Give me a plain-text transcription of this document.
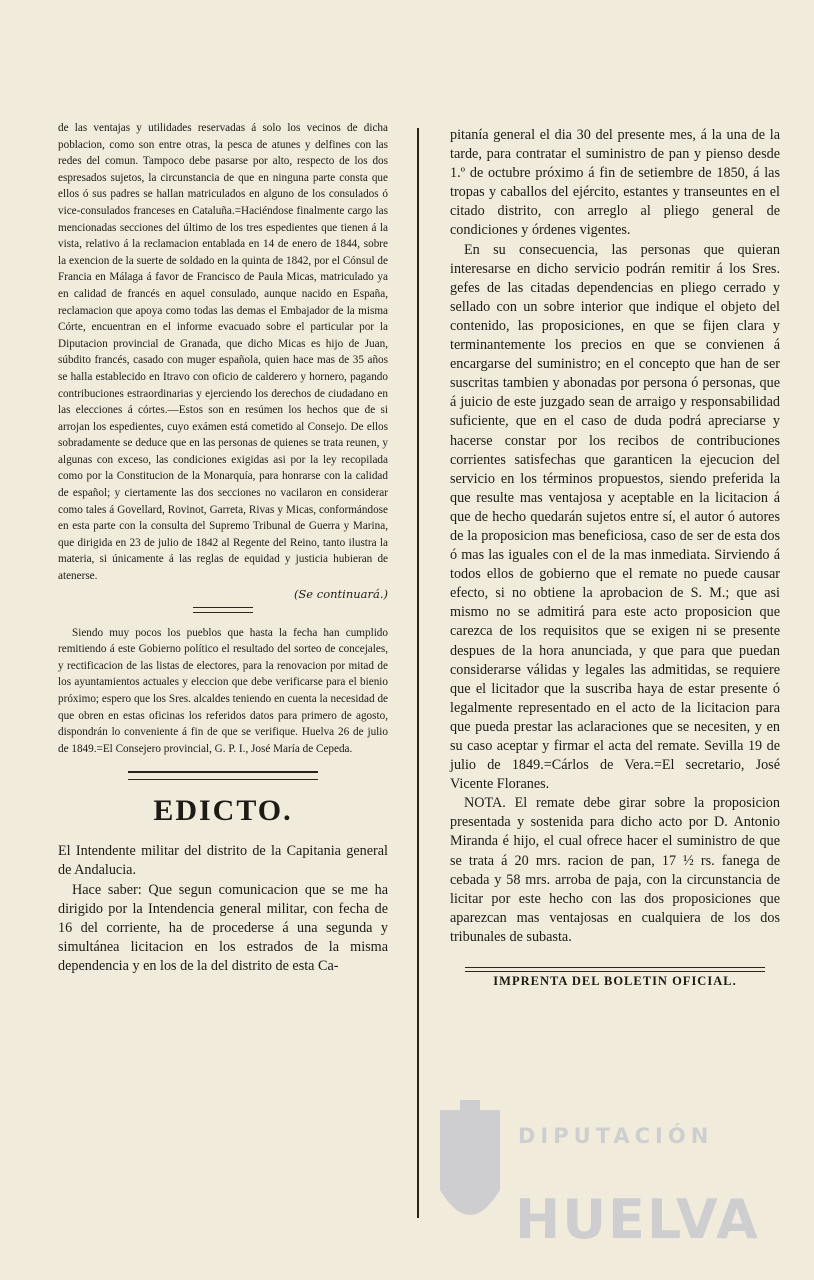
de las ventajas y utilidades reservadas á solo los vecinos de dicha poblacion, como son entre otras, la pesca de atunes y delfines con las redes del comun. Tampoco debe pasarse por alto, respecto de los dos espresados sujetos, la circunstancia de que en ninguna parte consta que ellos ó sus padres se hallan matriculados en alguno de los consulados ó vice-consulados franceses en Cataluña.=Haciéndose finalmente cargo las mencionadas secciones del último de los tres espedientes que tienen á la vista, relativo á la reclamacion entablada en 14 de enero de 1844, sobre la exencion de la suerte de soldado en la quinta de 1842, por el Cónsul de Francia en Málaga á favor de Francisco de Paula Micas, matriculado ya en calidad de francés en aquel consulado, aunque nacido en España, reclamacion que apoya como todas las demas el Embajador de la misma Córte, encuentran en el informe evacuado sobre el particular por la Diputacion provincial de Granada, que dicho Micas es hijo de Juan, súbdito francés, casado con muger española, quien hace mas de 35 años se halla establecido en Itravo con oficio de calderero y hornero, pagando contribuciones estraordinarias y ejerciendo los derechos de ciudadano en las elecciones á córtes.—Estos son en resúmen los hechos que de si arrojan los espedientes, cuyo exámen está cometido al Consejo. De ellos sobradamente se deduce que en las personas de quienes se trata reunen, y algunas con exceso, las condiciones exigidas asi por la ley recopilada como por la Constitucion de la Monarquía, para honrarse con la calidad de español; y ciertamente las dos secciones no vacilaron en considerar como tales á Govellard, Rovinot, Garreta, Rivas y Micas, conformándose en esta parte con la consulta del Supremo Tribunal de Guerra y Marina, que dirigida en 23 de julio de 1842 al Regente del Reino, tanto ilustra la materia, si únicamente á las reglas de equidad y justicia hubieran de atenerse.

(Se continuará.)

Siendo muy pocos los pueblos que hasta la fecha han cumplido remitiendo á este Gobierno político el resultado del sorteo de concejales, y rectificacion de las listas de electores, para la renovacion por mitad de los ayuntamientos actuales y eleccion que debe verificarse para el bienio próximo; espero que los Sres. alcaldes teniendo en cuenta la necesidad de que obren en estas oficinas los referidos datos para primero de agosto, dispondrán lo conveniente á fin de que se verifique. Huelva 26 de julio de 1849.=El Consejero provincial, G. P. I., José María de Cepeda.

EDICTO.

El Intendente militar del distrito de la Capitania general de Andalucia.

Hace saber: Que segun comunicacion que se me ha dirigido por la Intendencia general militar, con fecha de 16 del corriente, ha de procederse á una segunda y simultánea licitacion en los estrados de la misma dependencia y en los de la del distrito de esta Ca-

pitanía general el dia 30 del presente mes, á la una de la tarde, para contratar el suministro de pan y pienso desde 1.º de octubre próximo á fin de setiembre de 1850, á las tropas y caballos del ejército, estantes y transeuntes en el citado distrito, con arreglo al pliego general de condiciones y órdenes vigentes.

En su consecuencia, las personas que quieran interesarse en dicho servicio podrán remitir á los Sres. gefes de las citadas dependencias en pliego cerrado y sellado con un sobre interior que indique el objeto del contenido, las proposiciones, en que se fijen clara y terminantemente los precios en que se convienen á encargarse del suministro; en el concepto que han de ser suscritas tambien y abonadas por persona ó personas, que á juicio de este juzgado sean de arraigo y responsabilidad suficiente, que en el caso de duda podrá apreciarse y hacerse constar por los recibos de contribuciones corrientes satisfechas que garanticen la ejecucion del servicio en los términos propuestos, siendo preferida la que resulte mas ventajosa y aceptable en la licitacion á que de hecho quedarán sujetos entre sí, el autor ó autores de la proposicion mas beneficiosa, caso de ser de esta dos ó mas las iguales con el de la mas inmediata. Sirviendo á todos ellos de gobierno que el remate no puede causar efecto, si no obtiene la aprobacion de S. M.; que asi mismo no se admitirá para este acto proposicion que carezca de los requisitos que se exigen ni se presente despues de la hora anunciada, y que para que puedan considerarse válidas y legales las admitidas, se requiere que el licitador que la suscriba haya de estar presente ó legalmente representado en el acto de la licitacion para que pueda prestar las aclaraciones que se necesiten, y en su caso aceptar y firmar el acta del remate. Sevilla 19 de julio de 1849.=Cárlos de Vera.=El secretario, José Vicente Floranes.

NOTA. El remate debe girar sobre la proposicion presentada y sostenida para dicho acto por D. Antonio Miranda é hijo, el cual ofrece hacer el suministro de que se trata á 20 mrs. racion de pan, 17 ½ rs. fanega de cebada y 58 mrs. arroba de paja, con la circunstancia de licitar por este hecho con las dos proposiciones que aparezcan mas ventajosas en cualquiera de los dos tribunales de subasta.

IMPRENTA DEL BOLETIN OFICIAL.
DIPUTACIÓN
HUELVA
